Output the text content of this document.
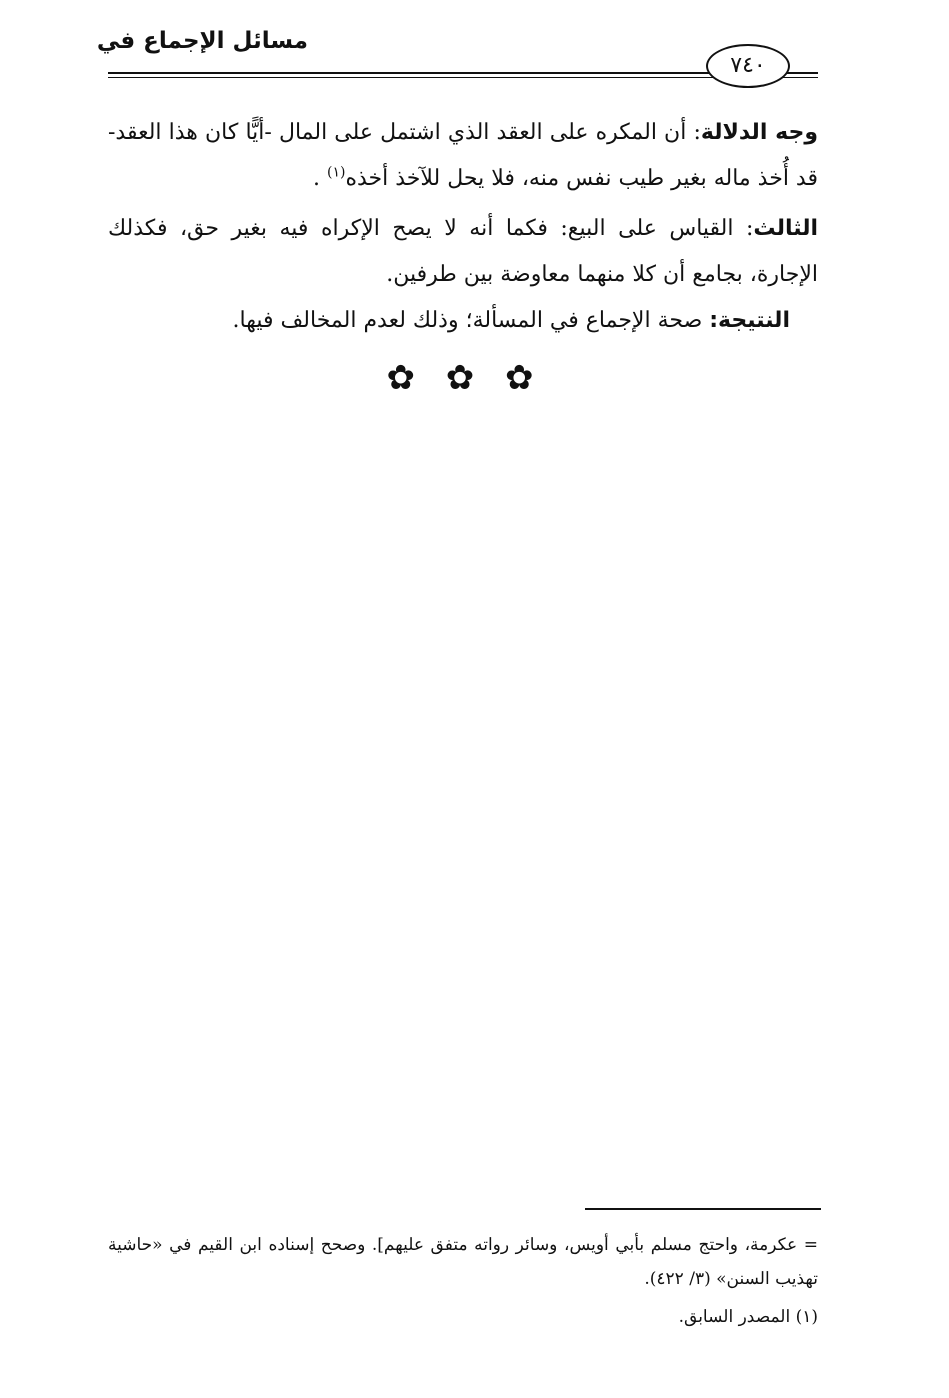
مسائل الإجماع في
٧٤٠

وجه الدلالة: أن المكره على العقد الذي اشتمل على المال -أيًّا كان هذا العقد- قد أُخذ ماله بغير طيب نفس منه، فلا يحل للآخذ أخذه$^{(١)}$ .

الثالث: القياس على البيع: فكما أنه لا يصح الإكراه فيه بغير حق، فكذلك الإجارة، بجامع أن كلا منهما معاوضة بين طرفين.

النتيجة: صحة الإجماع في المسألة؛ وذلك لعدم المخالف فيها.

✿ ✿ ✿

= عكرمة، واحتج مسلم بأبي أويس، وسائر رواته متفق عليهم]. وصحح إسناده ابن القيم في «حاشية تهذيب السنن» (٣/ ٤٢٢).

(١) المصدر السابق.
